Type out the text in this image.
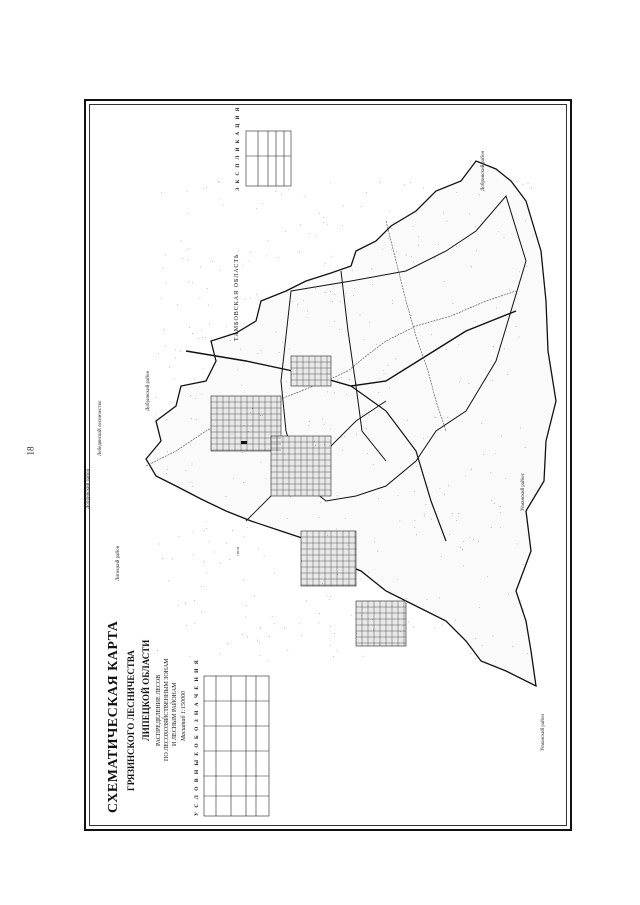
18
ТАМБОВСКАЯ ОБЛАСТЬ
Добринский район
Добринский район
Добринский район
Лебедянский лесничество
Липецкий район
Усманский район
Усманский район
ГРЯЗИ
СХЕМАТИЧЕСКАЯ КАРТА ГРЯЗИНСКОГО ЛЕСНИЧЕСТВА ЛИПЕЦКОЙ ОБЛАСТИ РАСПРЕДЕЛЕНИЕ ЛЕСОВ ПО ЛЕСОХОЗЯЙСТВЕННЫМ ЗОНАМ И ЛЕСНЫМ РАЙОНАМ Масштаб 1:150000 У С Л О В Н Ы Е О Б О З Н А Ч Е Н И Я
Э К С П Л И К А Ц И Я
